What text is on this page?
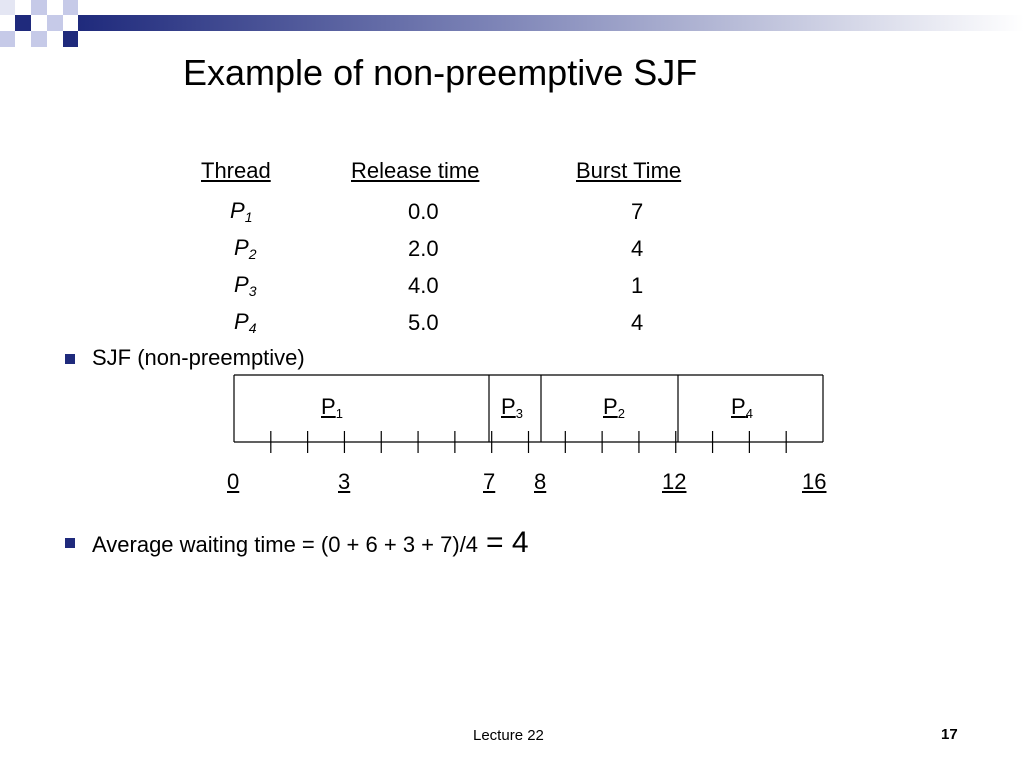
Example of non-preemptive SJF
Thread	Release time	Burst Time
$P_1$	0.0	7
$P_2$	2.0	4
$P_3$	4.0	1
$P_4$	5.0	4
SJF (non-preemptive)
$P_1$	$P_3$	$P_2$	$P_4$
0	3	7 8	12	16
Average waiting time = (0 + 6 + 3 + 7)/4 = 4
Lecture 22	17
